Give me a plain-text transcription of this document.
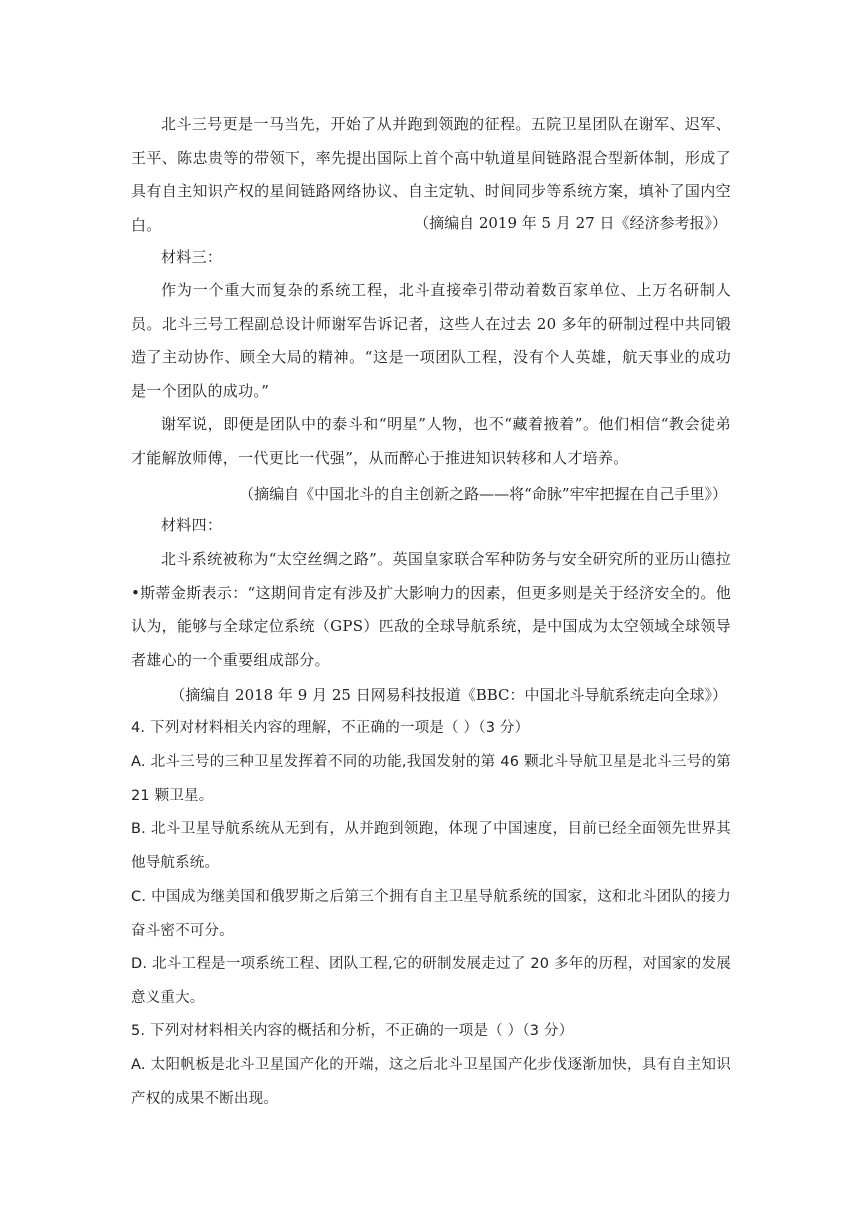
北斗三号更是一马当先，开始了从并跑到领跑的征程。五院卫星团队在谢军、迟军、王平、陈忠贵等的带领下，率先提出国际上首个高中轨道星间链路混合型新体制，形成了具有自主知识产权的星间链路网络协议、自主定轨、时间同步等系统方案，填补了国内空白。	（摘编自 2019 年 5 月 27 日《经济参考报》）

材料三：

作为一个重大而复杂的系统工程，北斗直接牵引带动着数百家单位、上万名研制人员。北斗三号工程副总设计师谢军告诉记者，这些人在过去 20 多年的研制过程中共同锻造了主动协作、顾全大局的精神。“这是一项团队工程，没有个人英雄，航天事业的成功是一个团队的成功。”

谢军说，即便是团队中的泰斗和“明星”人物，也不“藏着掖着”。他们相信“教会徒弟才能解放师傅，一代更比一代强”，从而醉心于推进知识转移和人才培养。

（摘编自《中国北斗的自主创新之路——将“命脉”牢牢把握在自己手里》）

材料四：

北斗系统被称为“太空丝绸之路”。英国皇家联合军种防务与安全研究所的亚历山德拉•斯蒂金斯表示：“这期间肯定有涉及扩大影响力的因素，但更多则是关于经济安全的。他认为，能够与全球定位系统（GPS）匹敌的全球导航系统，是中国成为太空领域全球领导者雄心的一个重要组成部分。

（摘编自 2018 年 9 月 25 日网易科技报道《BBC：中国北斗导航系统走向全球》）

4. 下列对材料相关内容的理解，不正确的一项是（ ）（3 分）

A. 北斗三号的三种卫星发挥着不同的功能,我国发射的第 46 颗北斗导航卫星是北斗三号的第 21 颗卫星。

B. 北斗卫星导航系统从无到有，从并跑到领跑，体现了中国速度，目前已经全面领先世界其他导航系统。

C. 中国成为继美国和俄罗斯之后第三个拥有自主卫星导航系统的国家，这和北斗团队的接力奋斗密不可分。

D. 北斗工程是一项系统工程、团队工程,它的研制发展走过了 20 多年的历程，对国家的发展意义重大。

5. 下列对材料相关内容的概括和分析，不正确的一项是（ ）（3 分）

A. 太阳帆板是北斗卫星国产化的开端，这之后北斗卫星国产化步伐逐渐加快，具有自主知识产权的成果不断出现。
